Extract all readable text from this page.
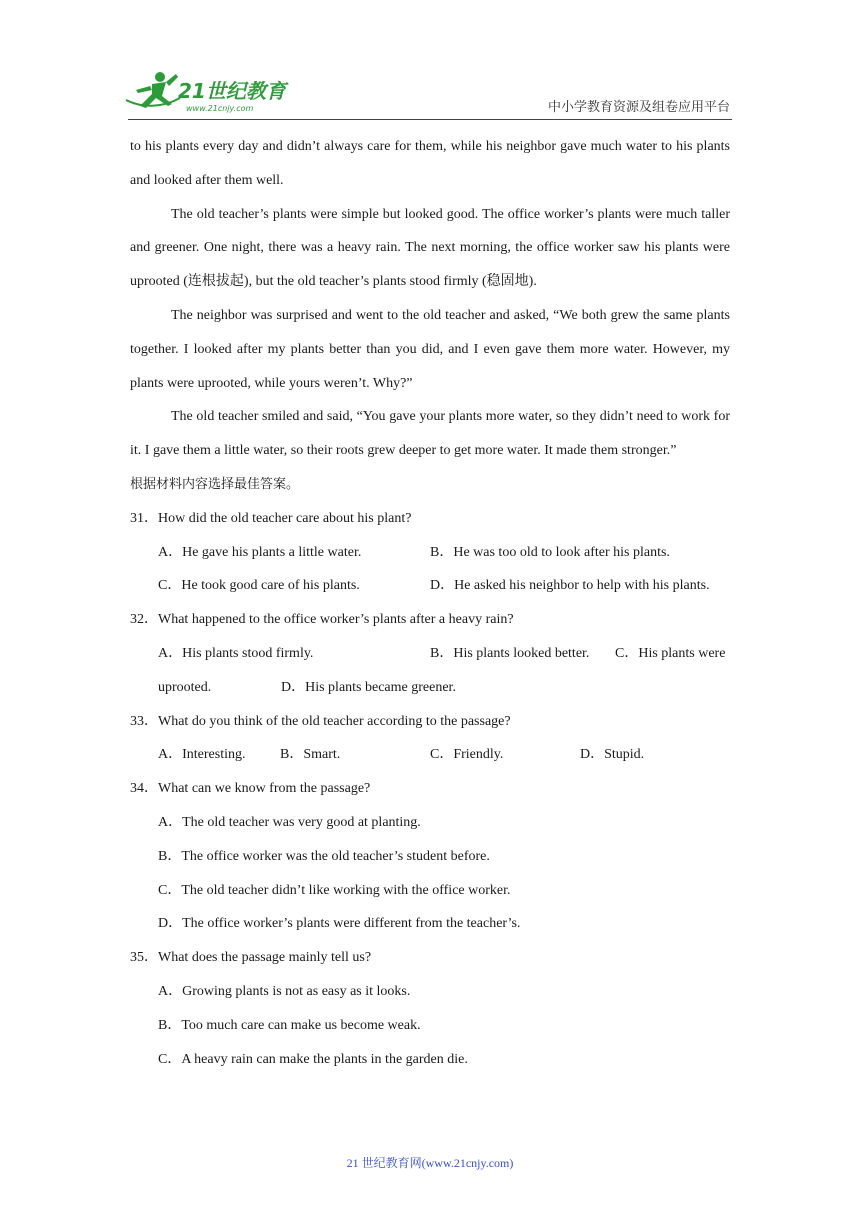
21世纪教育
www.21cnjy.com	中小学教育资源及组卷应用平台

to his plants every day and didn’t always care for them, while his neighbor gave much water to his plants and looked after them well.

The old teacher’s plants were simple but looked good. The office worker’s plants were much taller and greener. One night, there was a heavy rain. The next morning, the office worker saw his plants were uprooted (连根拔起), but the old teacher’s plants stood firmly (稳固地).

The neighbor was surprised and went to the old teacher and asked, “We both grew the same plants together. I looked after my plants better than you did, and I even gave them more water. However, my plants were uprooted, while yours weren’t. Why?”

The old teacher smiled and said, “You gave your plants more water, so they didn’t need to work for it. I gave them a little water, so their roots grew deeper to get more water. It made them stronger.”

根据材料内容选择最佳答案。

31．How did the old teacher care about his plant?

A．He gave his plants a little water.	B．He was too old to look after his plants.
C．He took good care of his plants.	D．He asked his neighbor to help with his plants.

32．What happened to the office worker’s plants after a heavy rain?

A．His plants stood firmly.	B．His plants looked better.	C．His plants were
uprooted.	D．His plants became greener.

33．What do you think of the old teacher according to the passage?

A．Interesting.	B．Smart.	C．Friendly.	D．Stupid.

34．What can we know from the passage?

A．The old teacher was very good at planting.
B．The office worker was the old teacher’s student before.
C．The old teacher didn’t like working with the office worker.
D．The office worker’s plants were different from the teacher’s.

35．What does the passage mainly tell us?

A．Growing plants is not as easy as it looks.
B．Too much care can make us become weak.
C．A heavy rain can make the plants in the garden die.
21 世纪教育网(www.21cnjy.com)
